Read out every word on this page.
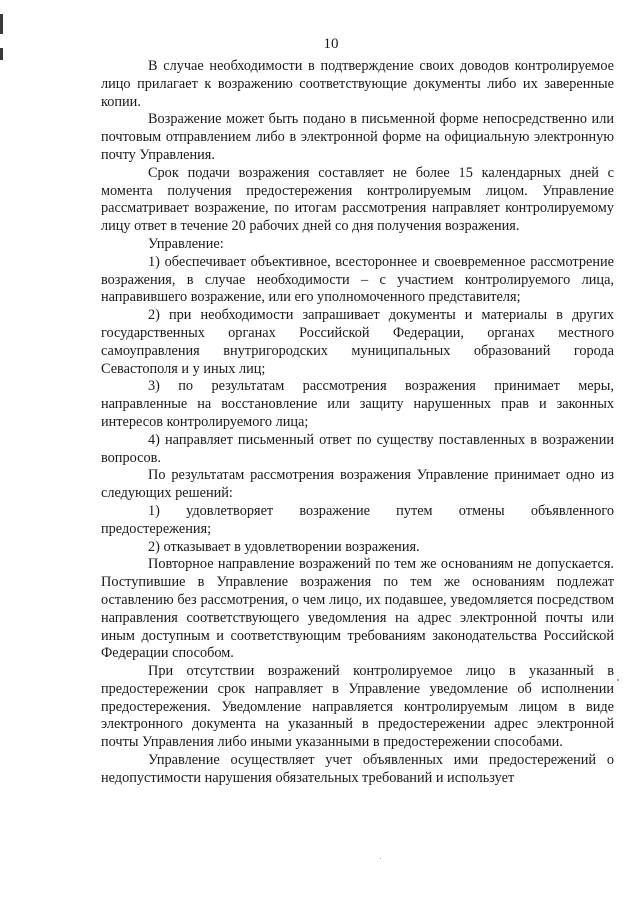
10

В случае необходимости в подтверждение своих доводов контролируемое лицо прилагает к возражению соответствующие документы либо их заверенные копии.

Возражение может быть подано в письменной форме непосредственно или почтовым отправлением либо в электронной форме на официальную электронную почту Управления.

Срок подачи возражения составляет не более 15 календарных дней с момента получения предостережения контролируемым лицом. Управление рассматривает возражение, по итогам рассмотрения направляет контролируемому лицу ответ в течение 20 рабочих дней со дня получения возражения.

Управление:

1) обеспечивает объективное, всестороннее и своевременное рассмотрение возражения, в случае необходимости – с участием контролируемого лица, направившего возражение, или его уполномоченного представителя;

2) при необходимости запрашивает документы и материалы в других государственных органах Российской Федерации, органах местного самоуправления внутригородских муниципальных образований города Севастополя и у иных лиц;

3) по результатам рассмотрения возражения принимает меры, направленные на восстановление или защиту нарушенных прав и законных интересов контролируемого лица;

4) направляет письменный ответ по существу поставленных в возражении вопросов.

По результатам рассмотрения возражения Управление принимает одно из следующих решений:

1) удовлетворяет возражение путем отмены объявленного предостережения;

2) отказывает в удовлетворении возражения.

Повторное направление возражений по тем же основаниям не допускается. Поступившие в Управление возражения по тем же основаниям подлежат оставлению без рассмотрения, о чем лицо, их подавшее, уведомляется посредством направления соответствующего уведомления на адрес электронной почты или иным доступным и соответствующим требованиям законодательства Российской Федерации способом.

При отсутствии возражений контролируемое лицо в указанный в предостережении срок направляет в Управление уведомление об исполнении предостережения. Уведомление направляется контролируемым лицом в виде электронного документа на указанный в предостережении адрес электронной почты Управления либо иными указанными в предостережении способами.

Управление осуществляет учет объявленных ими предостережений о недопустимости нарушения обязательных требований и использует
